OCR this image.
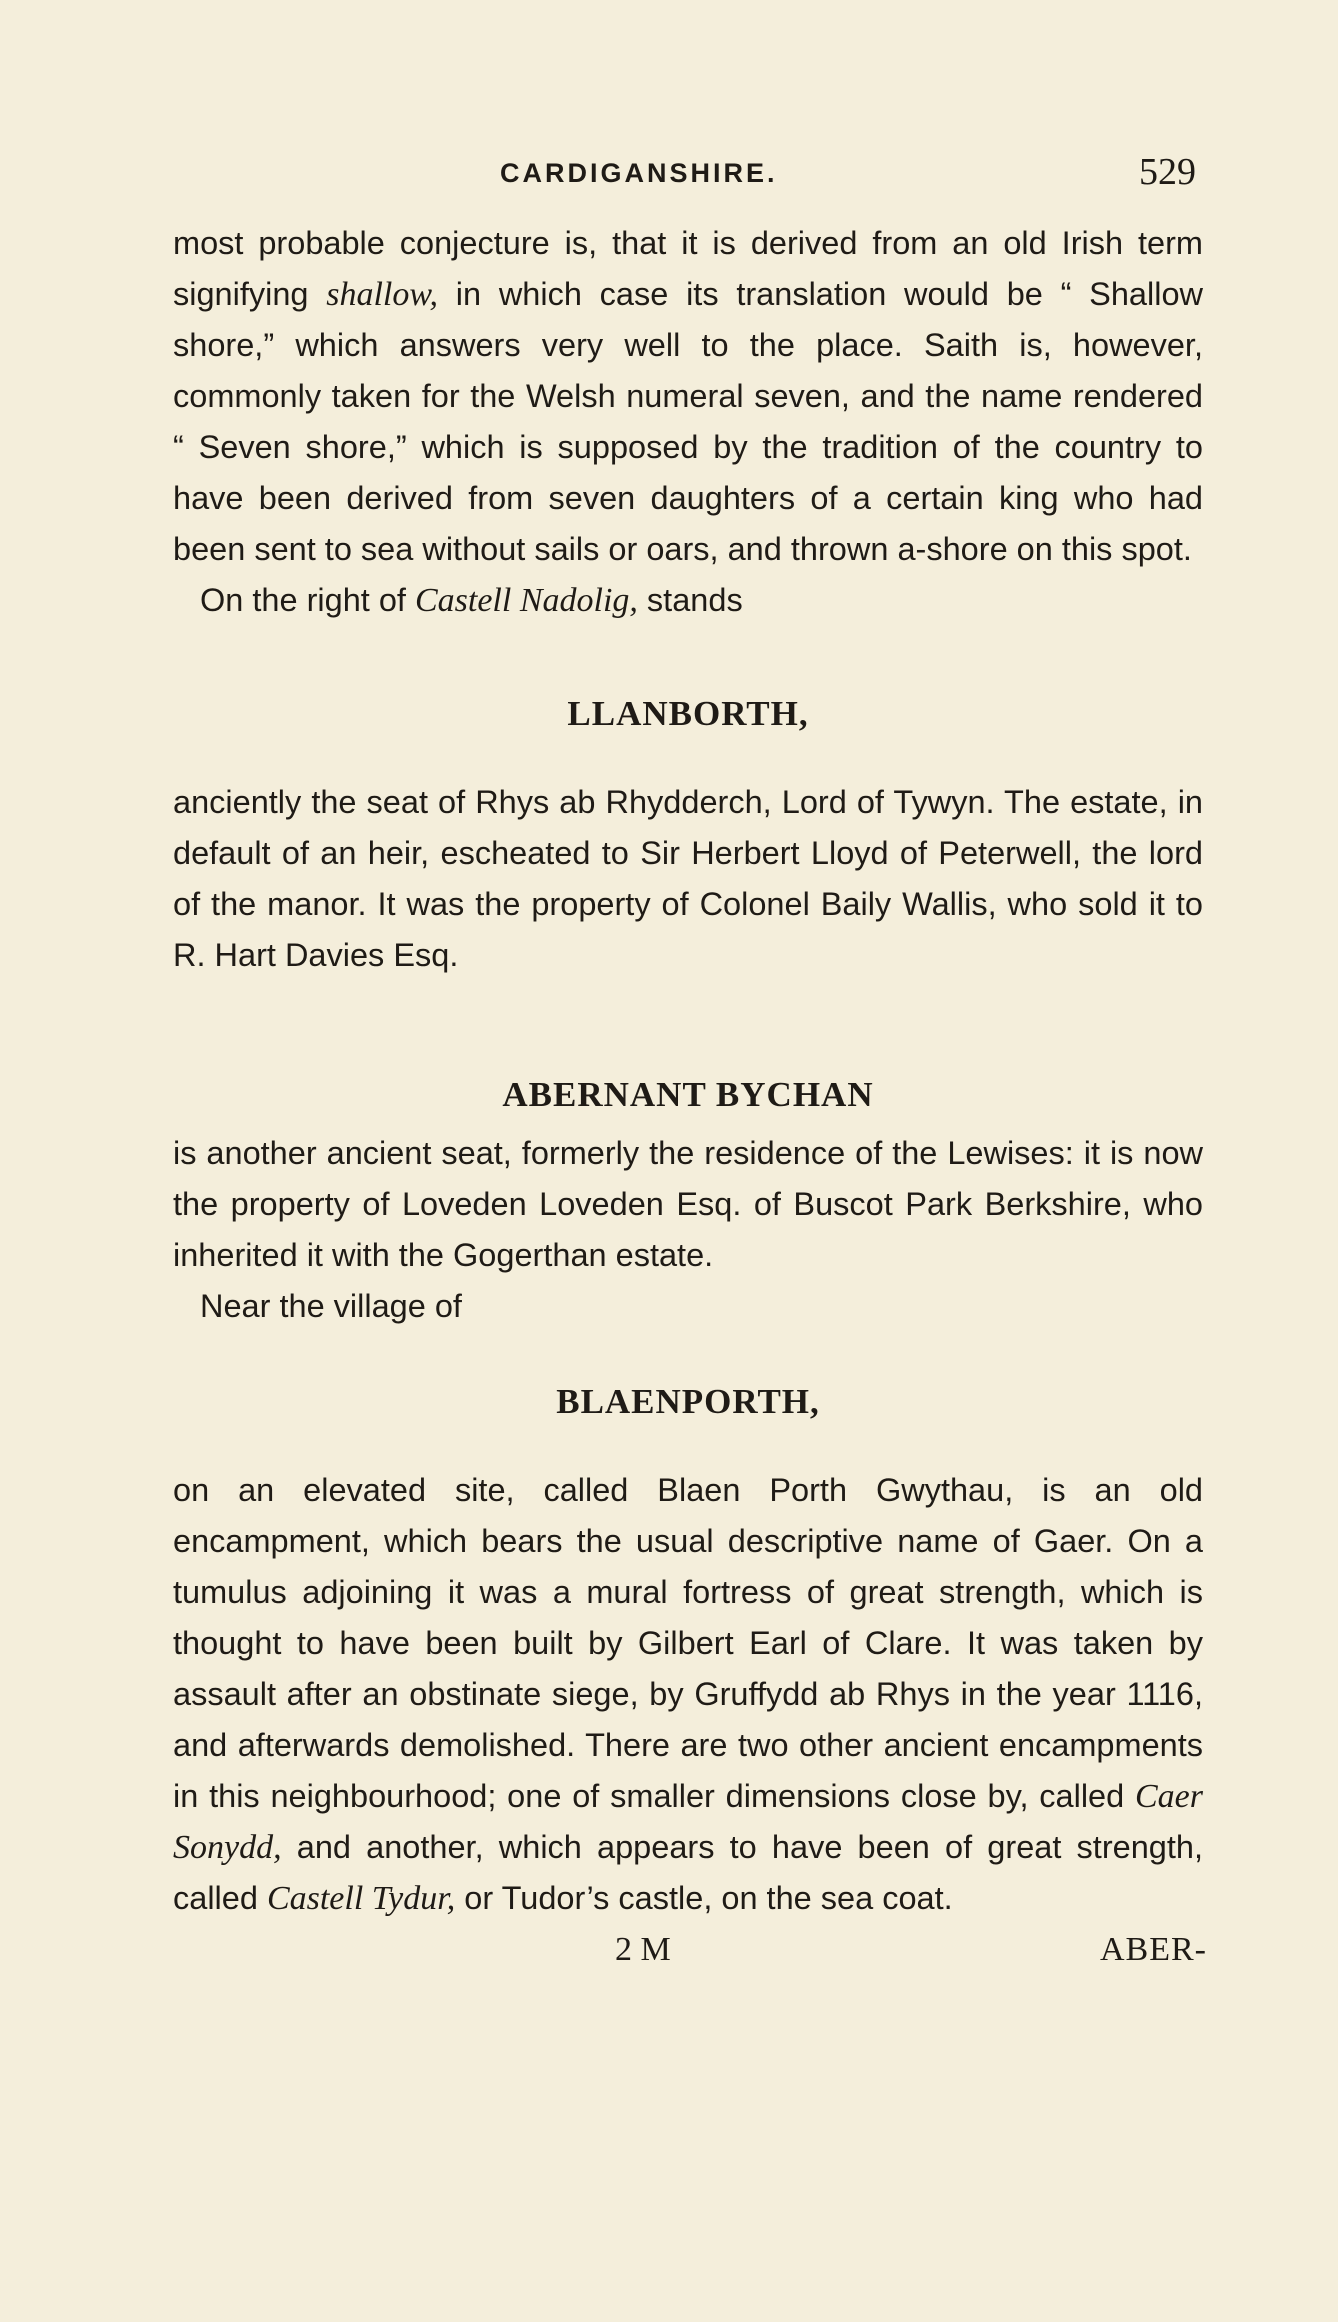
CARDIGANSHIRE.	529

most probable conjecture is, that it is derived from an old Irish term signifying shallow, in which case its translation would be “ Shallow shore,” which answers very well to the place. Saith is, however, commonly taken for the Welsh numeral seven, and the name rendered “ Seven shore,” which is supposed by the tradition of the country to have been derived from seven daughters of a certain king who had been sent to sea without sails or oars, and thrown a-shore on this spot.

On the right of Castell Nadolig, stands

LLANBORTH,

anciently the seat of Rhys ab Rhydderch, Lord of Tywyn. The estate, in default of an heir, escheated to Sir Herbert Lloyd of Peterwell, the lord of the manor. It was the property of Colonel Baily Wallis, who sold it to R. Hart Davies Esq.

ABERNANT BYCHAN

is another ancient seat, formerly the residence of the Lewises: it is now the property of Loveden Loveden Esq. of Buscot Park Berkshire, who inherited it with the Gogerthan estate.

Near the village of

BLAENPORTH,

on an elevated site, called Blaen Porth Gwythau, is an old encampment, which bears the usual descriptive name of Gaer. On a tumulus adjoining it was a mural fortress of great strength, which is thought to have been built by Gilbert Earl of Clare. It was taken by assault after an obstinate siege, by Gruffydd ab Rhys in the year 1116, and afterwards demolished. There are two other ancient encampments in this neighbourhood; one of smaller dimensions close by, called Caer Sonydd, and another, which appears to have been of great strength, called Castell Tydur, or Tudor’s castle, on the sea coat.

2 M	ABER-
